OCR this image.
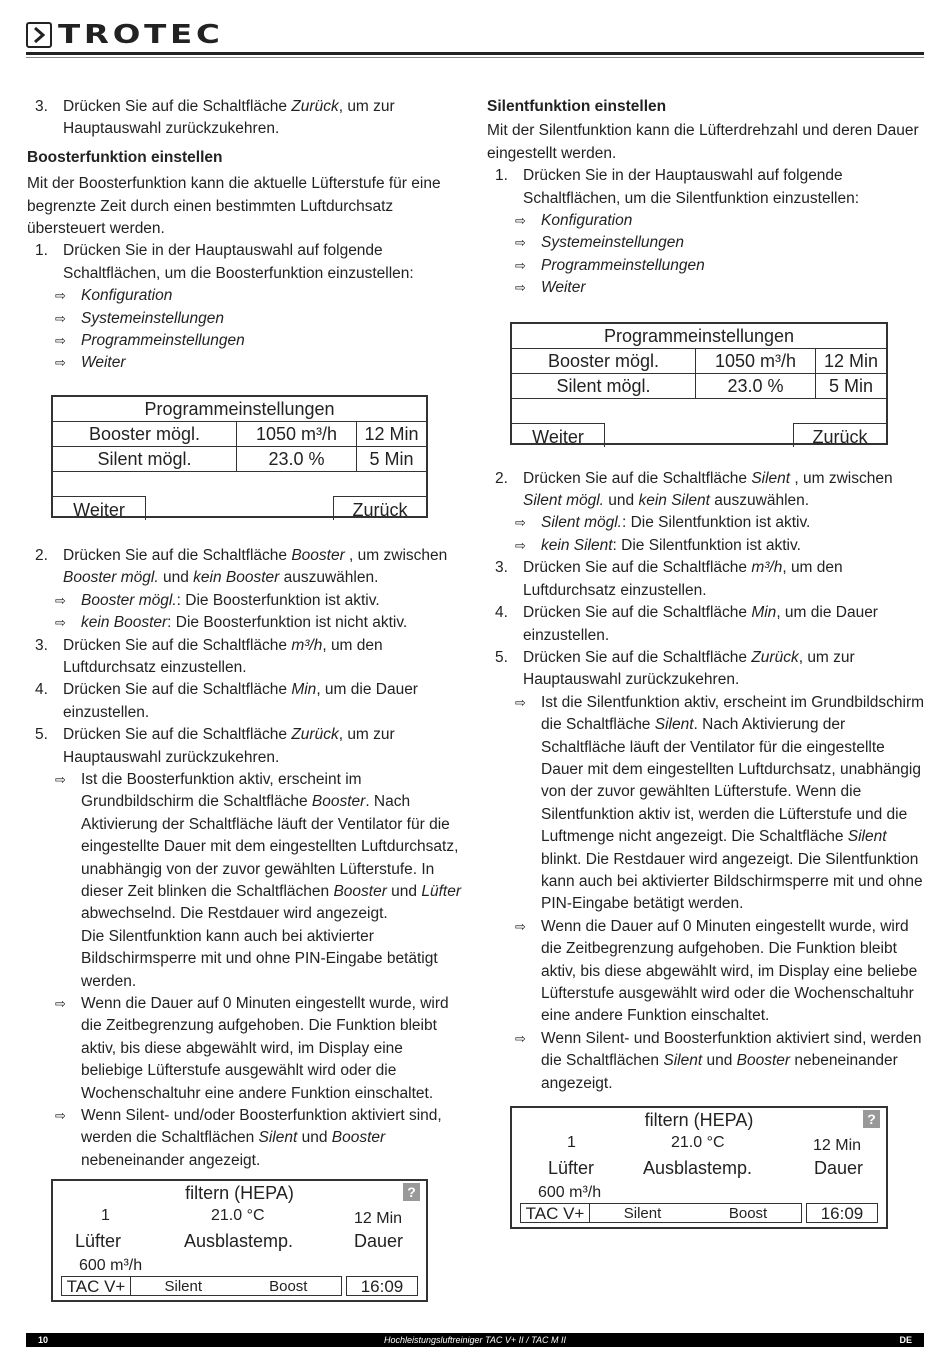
TROTEC
3. Drücken Sie auf die Schaltfläche Zurück, um zur Hauptauswahl zurückzukehren.
Boosterfunktion einstellen

Mit der Boosterfunktion kann die aktuelle Lüfterstufe für eine begrenzte Zeit durch einen bestimmten Luftdurchsatz übersteuert werden.

1. Drücken Sie in der Hauptauswahl auf folgende Schaltflächen, um die Boosterfunktion einzustellen:
⇨ Konfiguration
⇨ Systemeinstellungen
⇨ Programmeinstellungen
⇨ Weiter
2. Drücken Sie auf die Schaltfläche Booster , um zwischen Booster mögl. und kein Booster auszuwählen.
⇨ Booster mögl.: Die Boosterfunktion ist aktiv.
⇨ kein Booster: Die Boosterfunktion ist nicht aktiv.
3. Drücken Sie auf die Schaltfläche m³/h, um den Luftdurchsatz einzustellen.
4. Drücken Sie auf die Schaltfläche Min, um die Dauer einzustellen.
5. Drücken Sie auf die Schaltfläche Zurück, um zur Hauptauswahl zurückzukehren.
⇨ Ist die Boosterfunktion aktiv, erscheint im Grundbildschirm die Schaltfläche Booster. Nach Aktivierung der Schaltfläche läuft der Ventilator für die eingestellte Dauer mit dem eingestellten Luftdurchsatz, unabhängig von der zuvor gewählten Lüfterstufe. In dieser Zeit blinken die Schaltflächen Booster und Lüfter abwechselnd. Die Restdauer wird angezeigt.
Die Silentfunktion kann auch bei aktivierter Bildschirmsperre mit und ohne PIN-Eingabe betätigt werden.
⇨ Wenn die Dauer auf 0 Minuten eingestellt wurde, wird die Zeitbegrenzung aufgehoben. Die Funktion bleibt aktiv, bis diese abgewählt wird, im Display eine beliebige Lüfterstufe ausgewählt wird oder die Wochenschaltuhr eine andere Funktion einschaltet.
⇨ Wenn Silent- und/oder Boosterfunktion aktiviert sind, werden die Schaltflächen Silent und Booster nebeneinander angezeigt.
Silentfunktion einstellen

Mit der Silentfunktion kann die Lüfterdrehzahl und deren Dauer eingestellt werden.

1. Drücken Sie in der Hauptauswahl auf folgende Schaltflächen, um die Silentfunktion einzustellen:
⇨ Konfiguration
⇨ Systemeinstellungen
⇨ Programmeinstellungen
⇨ Weiter
2. Drücken Sie auf die Schaltfläche Silent , um zwischen Silent mögl. und kein Silent auszuwählen.
⇨ Silent mögl.: Die Silentfunktion ist aktiv.
⇨ kein Silent: Die Silentfunktion ist aktiv.
3. Drücken Sie auf die Schaltfläche m³/h, um den Luftdurchsatz einzustellen.
4. Drücken Sie auf die Schaltfläche Min, um die Dauer einzustellen.
5. Drücken Sie auf die Schaltfläche Zurück, um zur Hauptauswahl zurückzukehren.
⇨ Ist die Silentfunktion aktiv, erscheint im Grundbildschirm die Schaltfläche Silent. Nach Aktivierung der Schaltfläche läuft der Ventilator für die eingestellte Dauer mit dem eingestellten Luftdurchsatz, unabhängig von der zuvor gewählten Lüfterstufe. Wenn die Silentfunktion aktiv ist, werden die Lüfterstufe und die Luftmenge nicht angezeigt. Die Schaltfläche Silent blinkt. Die Restdauer wird angezeigt. Die Silentfunktion kann auch bei aktivierter Bildschirmsperre mit und ohne PIN-Eingabe betätigt werden.
⇨ Wenn die Dauer auf 0 Minuten eingestellt wurde, wird die Zeitbegrenzung aufgehoben. Die Funktion bleibt aktiv, bis diese abgewählt wird, im Display eine beliebe Lüfterstufe ausgewählt wird oder die Wochenschaltuhr eine andere Funktion einschaltet.
⇨ Wenn Silent- und Boosterfunktion aktiviert sind, werden die Schaltflächen Silent und Booster nebeneinander angezeigt.
Programmeinstellungen
Booster mögl.	1050 m³/h	12 Min
Silent mögl.	23.0 %	5 Min
Weiter	Zurück
Programmeinstellungen
Booster mögl.	1050 m³/h	12 Min
Silent mögl.	23.0 %	5 Min
Weiter	Zurück
filtern (HEPA)	?
1
Lüfter
600 m³/h
21.0 °C
Ausblastemp.
12 Min
Dauer
TAC V+	Silent	Boost	16:09
filtern (HEPA)	?
1
Lüfter
600 m³/h
21.0 °C
Ausblastemp.
12 Min
Dauer
TAC V+	Silent	Boost	16:09
10	Hochleistungsluftreiniger TAC V+ II / TAC M II	DE
